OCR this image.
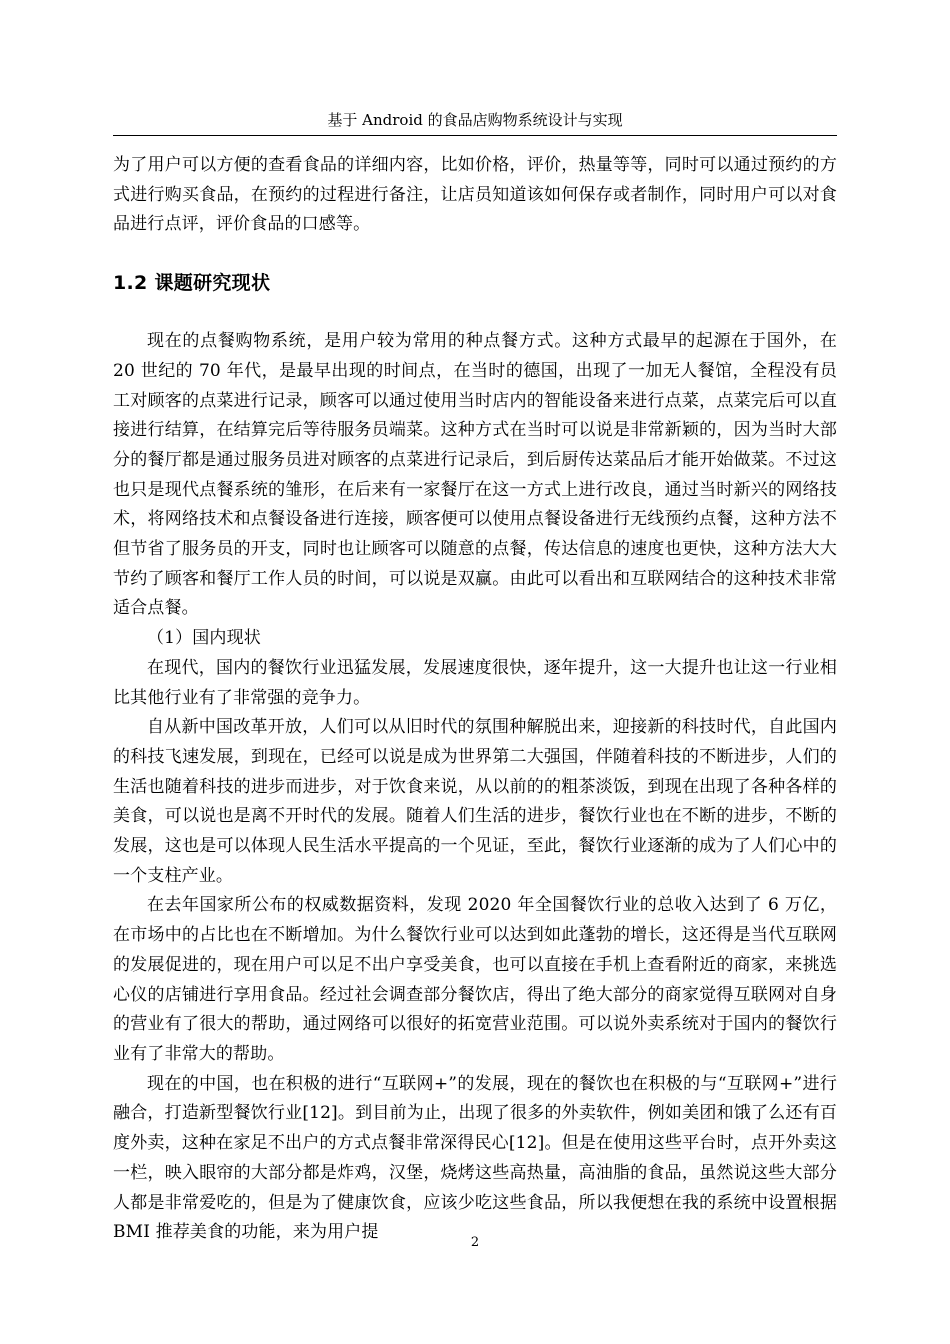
基于 Android 的食品店购物系统设计与实现

为了用户可以方便的查看食品的详细内容，比如价格，评价，热量等等，同时可以通过预约的方式进行购买食品，在预约的过程进行备注，让店员知道该如何保存或者制作，同时用户可以对食品进行点评，评价食品的口感等。

1.2 课题研究现状

现在的点餐购物系统，是用户较为常用的种点餐方式。这种方式最早的起源在于国外，在 20 世纪的 70 年代，是最早出现的时间点，在当时的德国，出现了一加无人餐馆，全程没有员工对顾客的点菜进行记录，顾客可以通过使用当时店内的智能设备来进行点菜，点菜完后可以直接进行结算，在结算完后等待服务员端菜。这种方式在当时可以说是非常新颖的，因为当时大部分的餐厅都是通过服务员进对顾客的点菜进行记录后，到后厨传达菜品后才能开始做菜。不过这也只是现代点餐系统的雏形，在后来有一家餐厅在这一方式上进行改良，通过当时新兴的网络技术，将网络技术和点餐设备进行连接，顾客便可以使用点餐设备进行无线预约点餐，这种方法不但节省了服务员的开支，同时也让顾客可以随意的点餐，传达信息的速度也更快，这种方法大大节约了顾客和餐厅工作人员的时间，可以说是双赢。由此可以看出和互联网结合的这种技术非常适合点餐。

（1）国内现状

在现代，国内的餐饮行业迅猛发展，发展速度很快，逐年提升，这一大提升也让这一行业相比其他行业有了非常强的竞争力。

自从新中国改革开放，人们可以从旧时代的氛围种解脱出来，迎接新的科技时代，自此国内的科技飞速发展，到现在，已经可以说是成为世界第二大强国，伴随着科技的不断进步，人们的生活也随着科技的进步而进步，对于饮食来说，从以前的的粗茶淡饭，到现在出现了各种各样的美食，可以说也是离不开时代的发展。随着人们生活的进步，餐饮行业也在不断的进步，不断的发展，这也是可以体现人民生活水平提高的一个见证，至此，餐饮行业逐渐的成为了人们心中的一个支柱产业。

在去年国家所公布的权威数据资料，发现 2020 年全国餐饮行业的总收入达到了 6 万亿，在市场中的占比也在不断增加。为什么餐饮行业可以达到如此蓬勃的增长，这还得是当代互联网的发展促进的，现在用户可以足不出户享受美食，也可以直接在手机上查看附近的商家，来挑选心仪的店铺进行享用食品。经过社会调查部分餐饮店，得出了绝大部分的商家觉得互联网对自身的营业有了很大的帮助，通过网络可以很好的拓宽营业范围。可以说外卖系统对于国内的餐饮行业有了非常大的帮助。

现在的中国，也在积极的进行“互联网+”的发展，现在的餐饮也在积极的与“互联网+”进行融合，打造新型餐饮行业[12]。到目前为止，出现了很多的外卖软件，例如美团和饿了么还有百度外卖，这种在家足不出户的方式点餐非常深得民心[12]。但是在使用这些平台时，点开外卖这一栏，映入眼帘的大部分都是炸鸡，汉堡，烧烤这些高热量，高油脂的食品，虽然说这些大部分人都是非常爱吃的，但是为了健康饮食，应该少吃这些食品，所以我便想在我的系统中设置根据 BMI 推荐美食的功能，来为用户提

2
